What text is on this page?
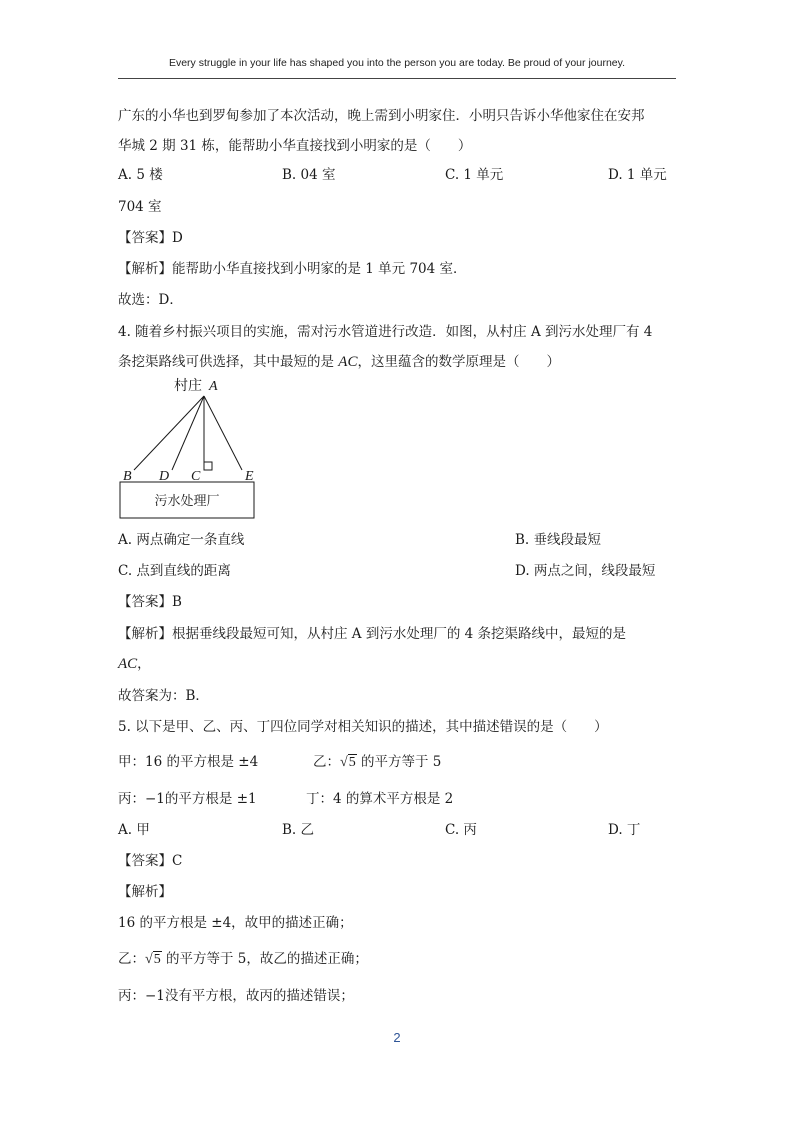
Every struggle in your life has shaped you into the person you are today. Be proud of your journey.
广东的小华也到罗甸参加了本次活动，晚上需到小明家住．小明只告诉小华他家住在安邦
华城 2 期 31 栋，能帮助小华直接找到小明家的是（　　）
A. 5 楼	B. 04 室	C. 1 单元	D. 1 单元
704 室
【答案】D
【解析】能帮助小华直接找到小明家的是 1 单元 704 室．
故选：D．
4. 随着乡村振兴项目的实施，需对污水管道进行改造．如图，从村庄 A 到污水处理厂有 4
条挖渠路线可供选择，其中最短的是 AC，这里蕴含的数学原理是（　　）
村庄 A
B D C	E
污水处理厂
A. 两点确定一条直线	B. 垂线段最短
C. 点到直线的距离	D. 两点之间，线段最短
【答案】B
【解析】根据垂线段最短可知，从村庄 A 到污水处理厂的 4 条挖渠路线中，最短的是
AC，
故答案为：B．
5. 以下是甲、乙、丙、丁四位同学对相关知识的描述，其中描述错误的是（　　）
甲：16 的平方根是 ±4	乙：√5 的平方等于 5
丙：−1的平方根是 ±1	丁：4 的算术平方根是 2
A. 甲	B. 乙	C. 丙	D. 丁
【答案】C
【解析】
16 的平方根是 ±4，故甲的描述正确；
乙：√5 的平方等于 5，故乙的描述正确；
丙：−1没有平方根，故丙的描述错误；
2
